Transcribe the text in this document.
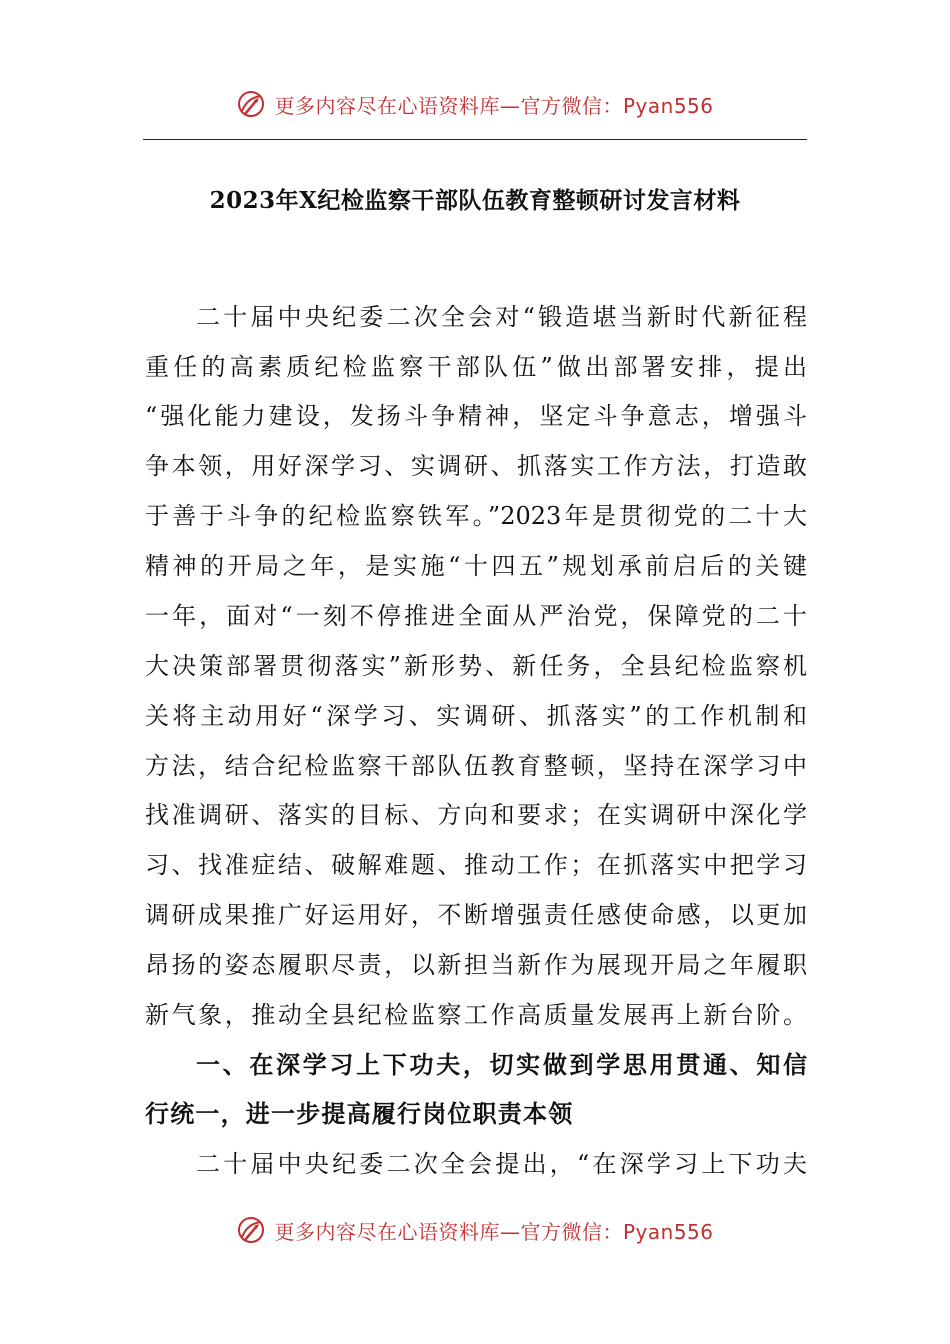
更多内容尽在心语资料库—官方微信：Pyan556
2023年X纪检监察干部队伍教育整顿研讨发言材料
二十届中央纪委二次全会对“锻造堪当新时代新征程
重任的高素质纪检监察干部队伍”做出部署安排，提出
“强化能力建设，发扬斗争精神，坚定斗争意志，增强斗
争本领，用好深学习、实调研、抓落实工作方法，打造敢
于善于斗争的纪检监察铁军。”2023年是贯彻党的二十大
精神的开局之年，是实施“十四五”规划承前启后的关键
一年，面对“一刻不停推进全面从严治党，保障党的二十
大决策部署贯彻落实”新形势、新任务，全县纪检监察机
关将主动用好“深学习、实调研、抓落实”的工作机制和
方法，结合纪检监察干部队伍教育整顿，坚持在深学习中
找准调研、落实的目标、方向和要求；在实调研中深化学
习、找准症结、破解难题、推动工作；在抓落实中把学习
调研成果推广好运用好，不断增强责任感使命感，以更加
昂扬的姿态履职尽责，以新担当新作为展现开局之年履职
新气象，推动全县纪检监察工作高质量发展再上新台阶。
一、在深学习上下功夫，切实做到学思用贯通、知信
行统一，进一步提高履行岗位职责本领
二十届中央纪委二次全会提出，“在深学习上下功夫
更多内容尽在心语资料库—官方微信：Pyan556
